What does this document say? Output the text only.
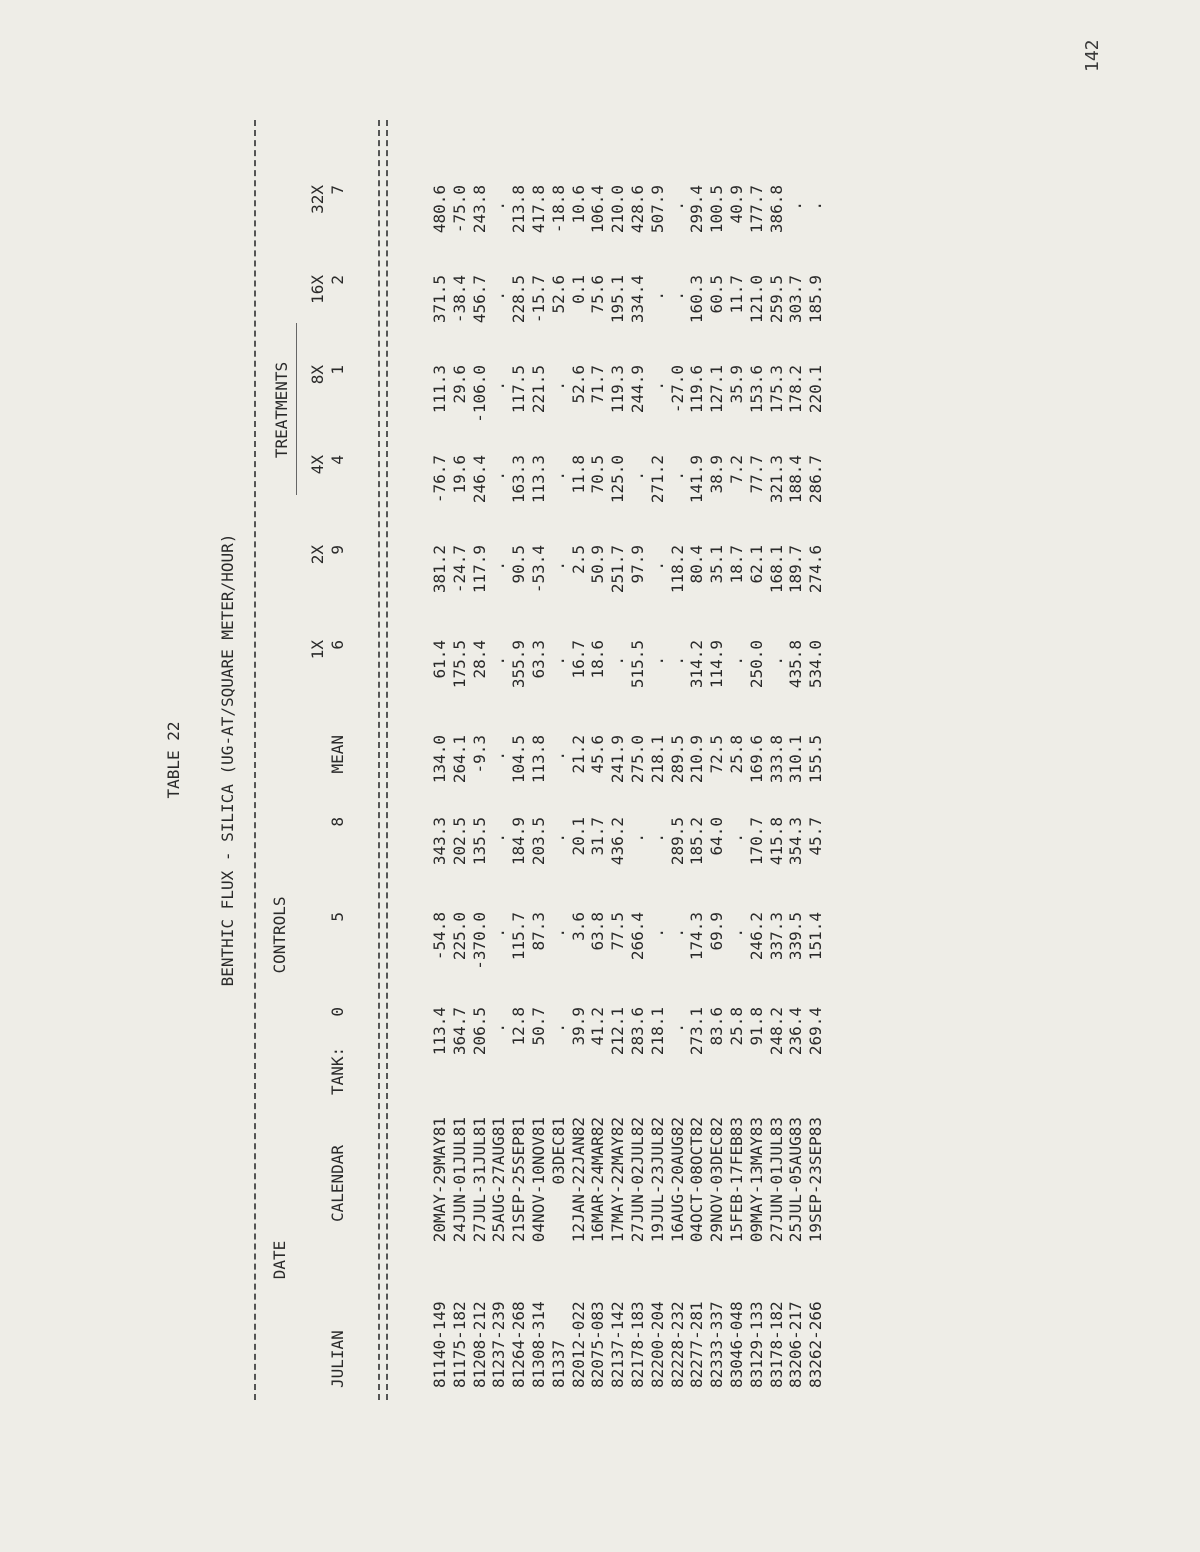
142
TABLE 22 BENTHIC FLUX - SILICA (UG-AT/SQUARE METER/HOUR)
DATE
CONTROLS
TREATMENTS
JULIAN
CALENDAR
TANK:
0
5
8
MEAN
1X 6
2X 9
4X 4
8X 1
16X 2
32X 7
81140-149
20MAY-29MAY81
113.4
-54.8
343.3
134.0
61.4
381.2
-76.7
111.3
371.5
480.6
81175-182
24JUN-01JUL81
364.7
225.0
202.5
264.1
175.5
-24.7
19.6
29.6
-38.4
-75.0
81208-212
27JUL-31JUL81
206.5
-370.0
135.5
-9.3
28.4
117.9
246.4
-106.0
456.7
243.8
81237-239
25AUG-27AUG81
.
.
.
.
.
.
.
.
.
.
81264-268
21SEP-25SEP81
12.8
115.7
184.9
104.5
355.9
90.5
163.3
117.5
228.5
213.8
81308-314
04NOV-10NOV81
50.7
87.3
203.5
113.8
63.3
-53.4
113.3
221.5
-15.7
417.8
81337
03DEC81
.
.
.
.
.
.
.
.
52.6
-18.8
82012-022
12JAN-22JAN82
39.9
3.6
20.1
21.2
16.7
2.5
11.8
52.6
0.1
10.6
82075-083
16MAR-24MAR82
41.2
63.8
31.7
45.6
18.6
50.9
70.5
71.7
75.6
106.4
82137-142
17MAY-22MAY82
212.1
77.5
436.2
241.9
.
251.7
125.0
119.3
195.1
210.0
82178-183
27JUN-02JUL82
283.6
266.4
.
275.0
515.5
97.9
.
244.9
334.4
428.6
82200-204
19JUL-23JUL82
218.1
.
.
218.1
.
.
271.2
.
.
507.9
82228-232
16AUG-20AUG82
.
.
289.5
289.5
.
118.2
.
-27.0
.
.
82277-281
04OCT-08OCT82
273.1
174.3
185.2
210.9
314.2
80.4
141.9
119.6
160.3
299.4
82333-337
29NOV-03DEC82
83.6
69.9
64.0
72.5
114.9
35.1
38.9
127.1
60.5
100.5
83046-048
15FEB-17FEB83
25.8
.
.
25.8
.
18.7
7.2
35.9
11.7
40.9
83129-133
09MAY-13MAY83
91.8
246.2
170.7
169.6
250.0
62.1
77.7
153.6
121.0
177.7
83178-182
27JUN-01JUL83
248.2
337.3
415.8
333.8
.
168.1
321.3
175.3
259.5
386.8
83206-217
25JUL-05AUG83
236.4
339.5
354.3
310.1
435.8
189.7
188.4
178.2
303.7
.
83262-266
19SEP-23SEP83
269.4
151.4
45.7
155.5
534.0
274.6
286.7
220.1
185.9
.
